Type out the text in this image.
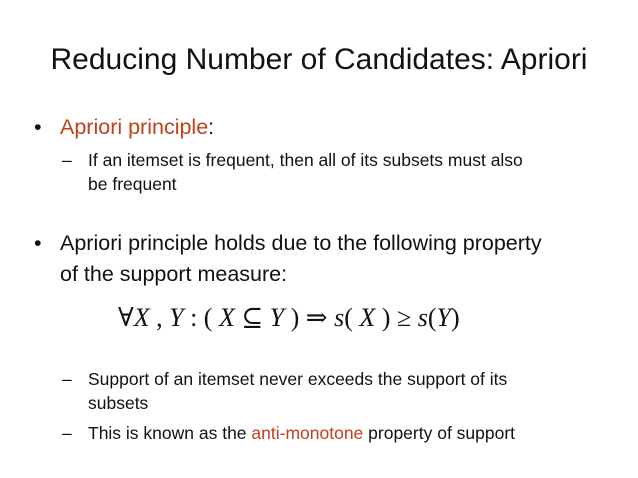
Reducing Number of Candidates: Apriori
• Apriori principle:
– If an itemset is frequent, then all of its subsets must also
be frequent
• Apriori principle holds due to the following property
of the support measure:
∀X , Y : ( X ⊆ Y ) ⇒ s( X ) ≥ s(Y)
– Support of an itemset never exceeds the support of its
subsets
– This is known as the anti-monotone property of support
